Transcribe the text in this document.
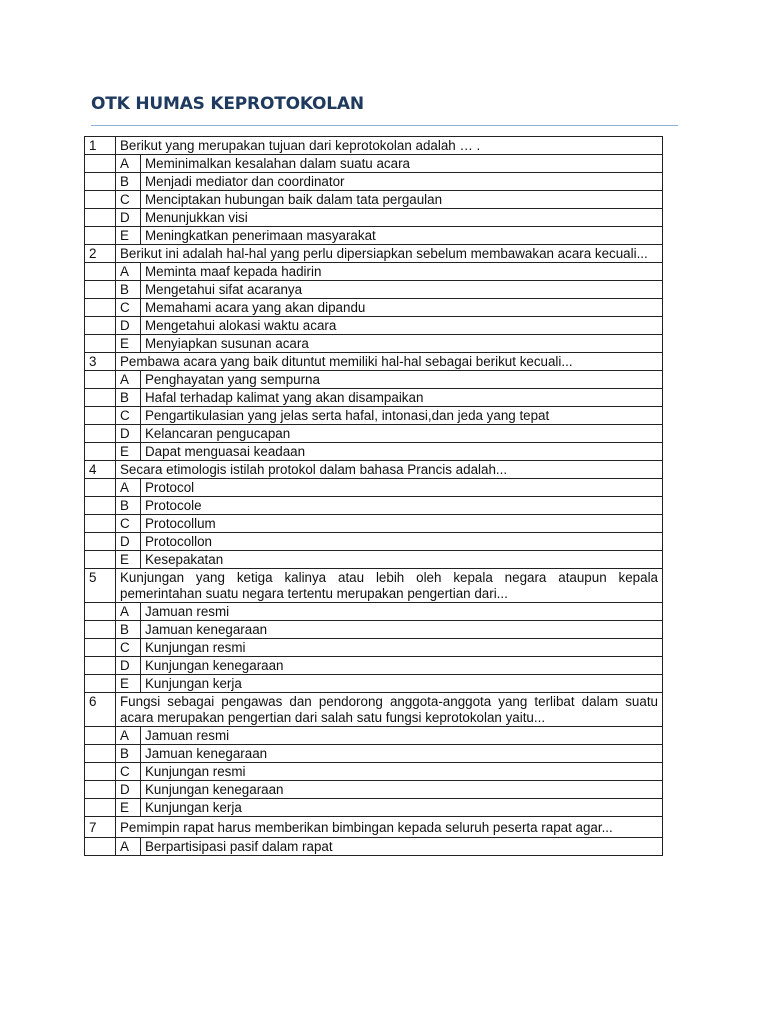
OTK HUMAS KEPROTOKOLAN
1	Berikut yang merupakan tujuan dari keprotokolan adalah … .	
	A	Meminimalkan kesalahan dalam suatu acara
	B	Menjadi mediator dan coordinator
	C	Menciptakan hubungan baik dalam tata pergaulan
	D	Menunjukkan visi
	E	Meningkatkan penerimaan masyarakat
2	Berikut ini adalah hal-hal yang perlu dipersiapkan sebelum membawakan acara kecuali...	
	A	Meminta maaf kepada hadirin
	B	Mengetahui sifat acaranya
	C	Memahami acara yang akan dipandu
	D	Mengetahui alokasi waktu acara
	E	Menyiapkan susunan acara
3	Pembawa acara yang baik dituntut memiliki hal-hal sebagai berikut kecuali...	
	A	Penghayatan yang sempurna
	B	Hafal terhadap kalimat yang akan disampaikan
	C	Pengartikulasian yang jelas serta hafal, intonasi,dan jeda yang tepat
	D	Kelancaran pengucapan
	E	Dapat menguasai keadaan
4	Secara etimologis istilah protokol dalam bahasa Prancis adalah...	
	A	Protocol
	B	Protocole
	C	Protocollum
	D	Protocollon
	E	Kesepakatan
5	Kunjungan yang ketiga kalinya atau lebih oleh kepala negara ataupun kepala pemerintahan suatu negara tertentu merupakan pengertian dari...	
	A	Jamuan resmi
	B	Jamuan kenegaraan
	C	Kunjungan resmi
	D	Kunjungan kenegaraan
	E	Kunjungan kerja
6	Fungsi sebagai pengawas dan pendorong anggota-anggota yang terlibat dalam suatu acara merupakan pengertian dari salah satu fungsi keprotokolan yaitu...	
	A	Jamuan resmi
	B	Jamuan kenegaraan
	C	Kunjungan resmi
	D	Kunjungan kenegaraan
	E	Kunjungan kerja
7	Pemimpin rapat harus memberikan bimbingan kepada seluruh peserta rapat agar...	
	A	Berpartisipasi pasif dalam rapat
